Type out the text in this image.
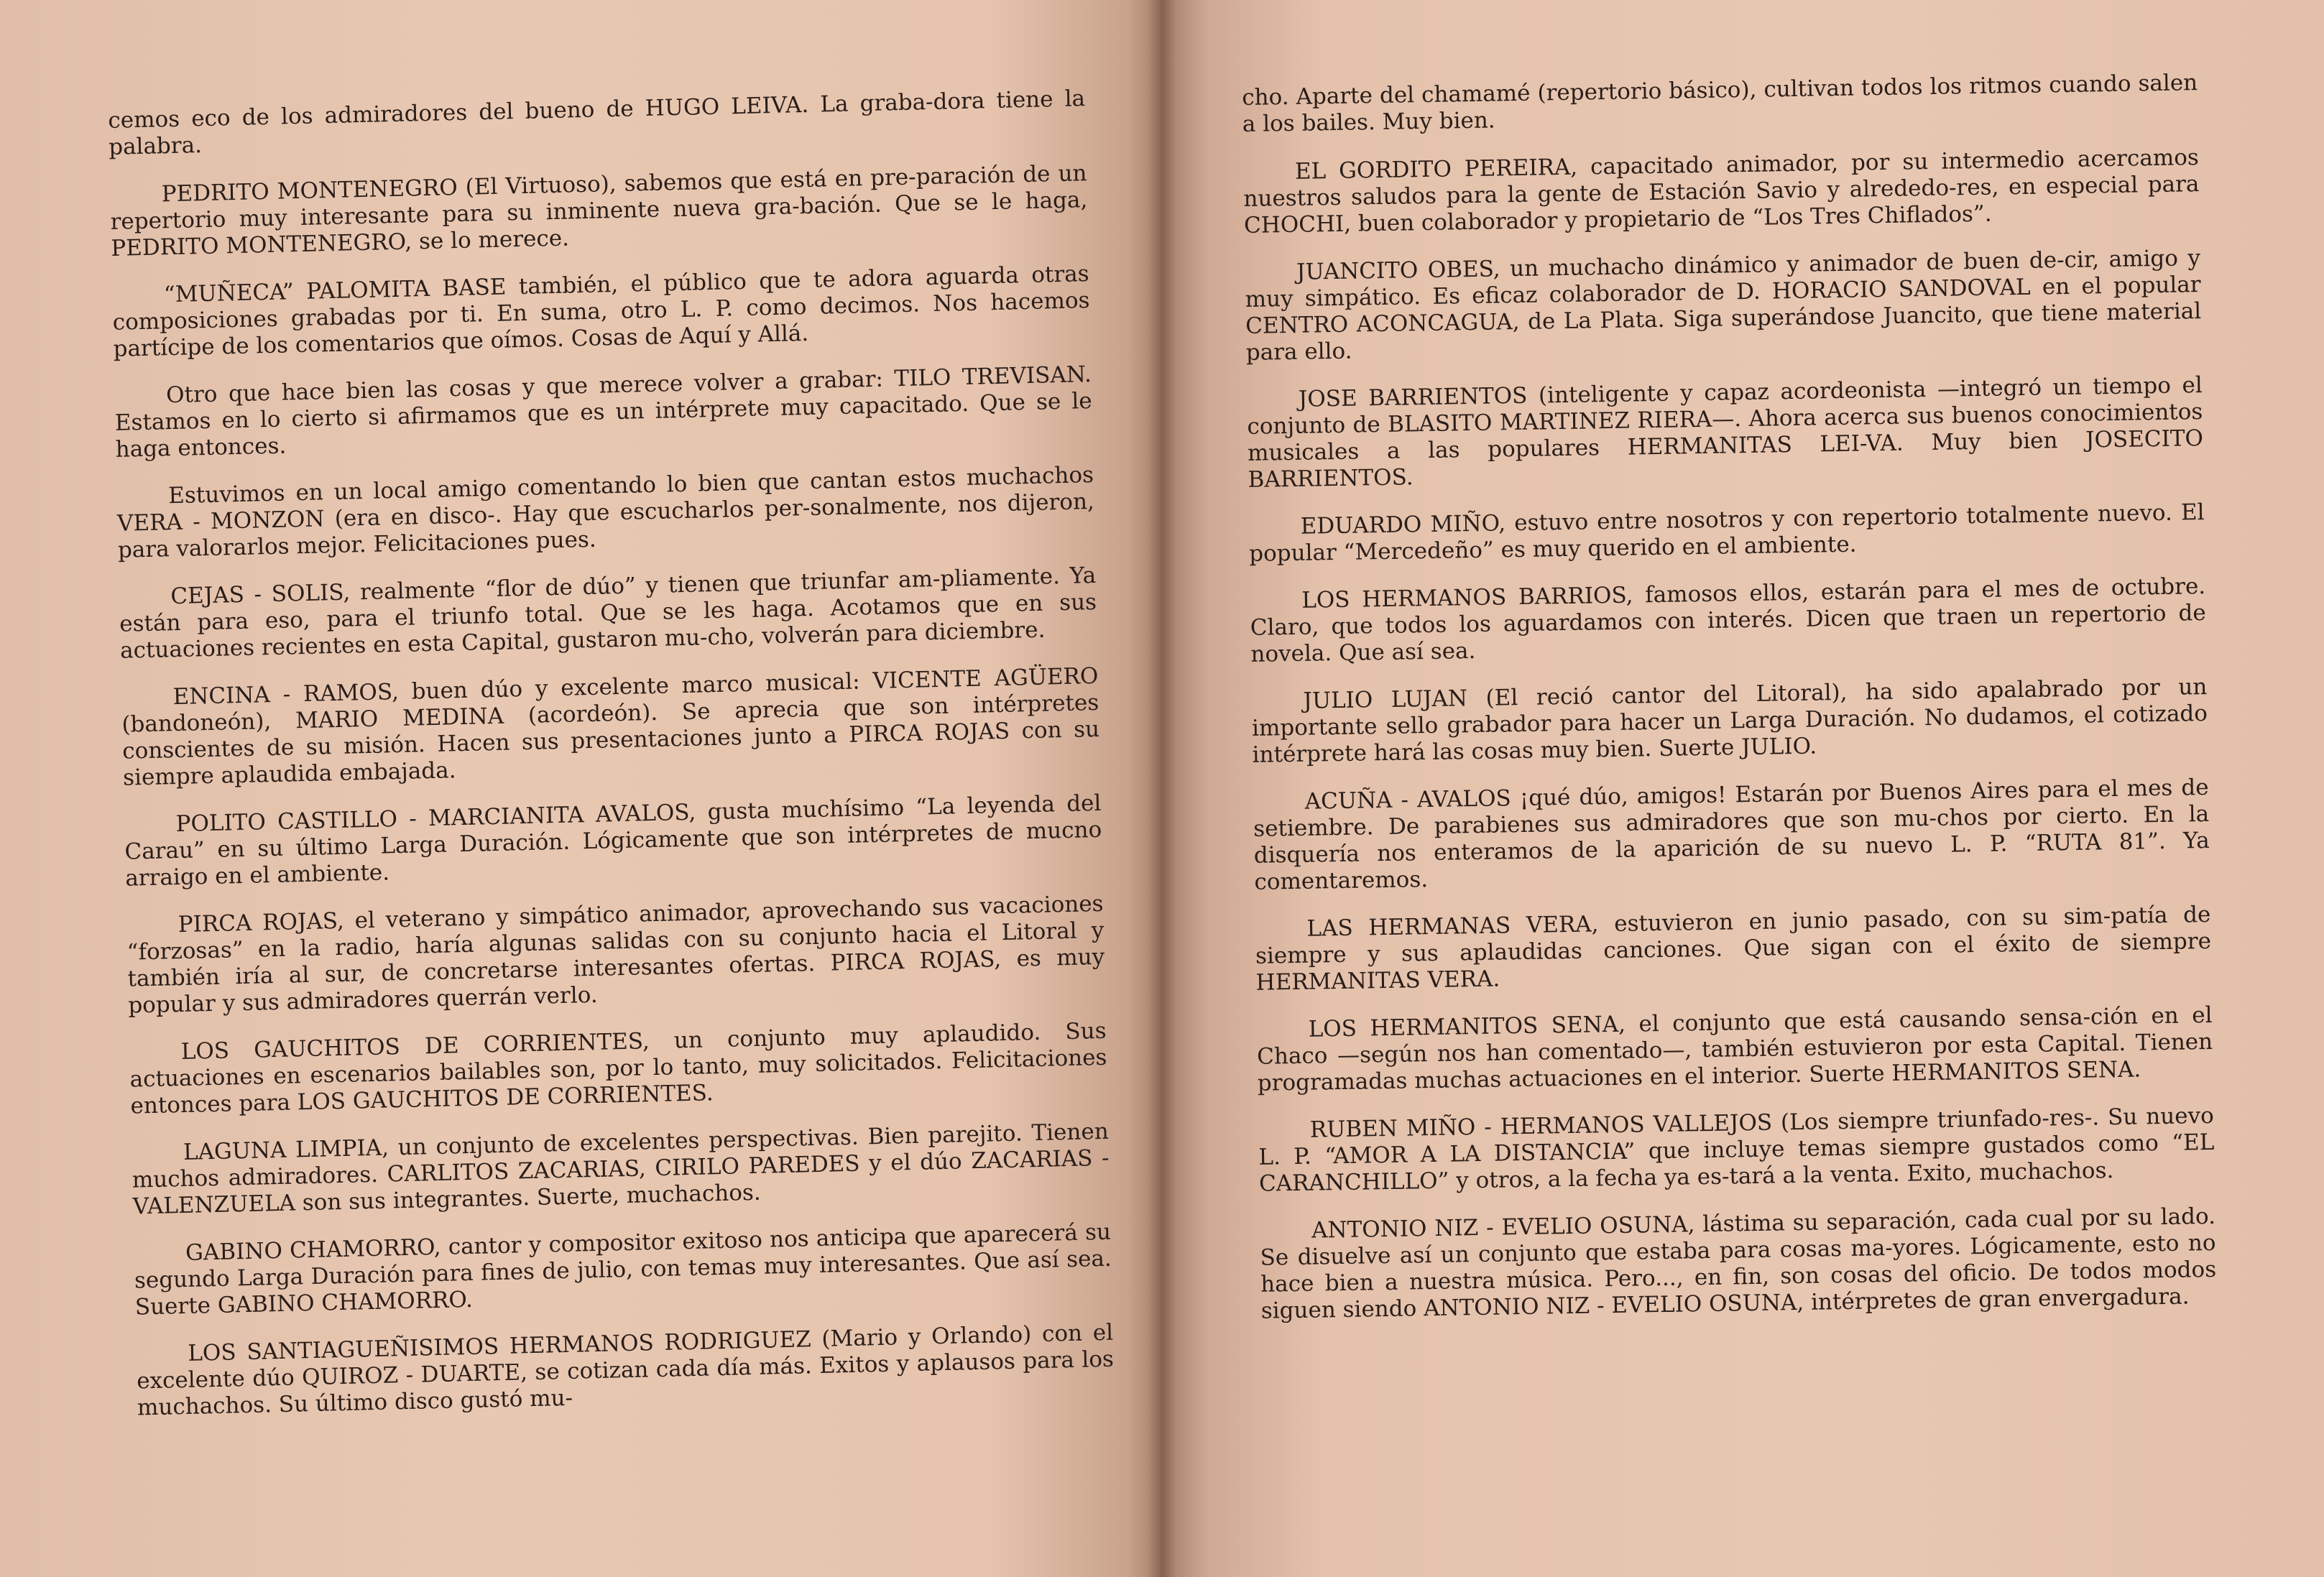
cemos eco de los admiradores del bueno de HUGO LEIVA. La graba-dora tiene la palabra.

PEDRITO MONTENEGRO (El Virtuoso), sabemos que está en pre-paración de un repertorio muy interesante para su inminente nueva gra-bación. Que se le haga, PEDRITO MONTENEGRO, se lo merece.

“MUÑECA” PALOMITA BASE también, el público que te adora aguarda otras composiciones grabadas por ti. En suma, otro L. P. como decimos. Nos hacemos partícipe de los comentarios que oímos. Cosas de Aquí y Allá.

Otro que hace bien las cosas y que merece volver a grabar: TILO TREVISAN. Estamos en lo cierto si afirmamos que es un intérprete muy capacitado. Que se le haga entonces.

Estuvimos en un local amigo comentando lo bien que cantan estos muchachos VERA - MONZON (era en disco-. Hay que escucharlos per-sonalmente, nos dijeron, para valorarlos mejor. Felicitaciones pues.

CEJAS - SOLIS, realmente “flor de dúo” y tienen que triunfar am-pliamente. Ya están para eso, para el triunfo total. Que se les haga. Acotamos que en sus actuaciones recientes en esta Capital, gustaron mu-cho, volverán para diciembre.

ENCINA - RAMOS, buen dúo y excelente marco musical: VICENTE AGÜERO (bandoneón), MARIO MEDINA (acordeón). Se aprecia que son intérpretes conscientes de su misión. Hacen sus presentaciones junto a PIRCA ROJAS con su siempre aplaudida embajada.

POLITO CASTILLO - MARCIANITA AVALOS, gusta muchísimo “La leyenda del Carau” en su último Larga Duración. Lógicamente que son intérpretes de mucno arraigo en el ambiente.

PIRCA ROJAS, el veterano y simpático animador, aprovechando sus vacaciones “forzosas” en la radio, haría algunas salidas con su conjunto hacia el Litoral y también iría al sur, de concretarse interesantes ofertas. PIRCA ROJAS, es muy popular y sus admiradores querrán verlo.

LOS GAUCHITOS DE CORRIENTES, un conjunto muy aplaudido. Sus actuaciones en escenarios bailables son, por lo tanto, muy solicitados. Felicitaciones entonces para LOS GAUCHITOS DE CORRIENTES.

LAGUNA LIMPIA, un conjunto de excelentes perspectivas. Bien parejito. Tienen muchos admiradores. CARLITOS ZACARIAS, CIRILO PAREDES y el dúo ZACARIAS - VALENZUELA son sus integrantes. Suerte, muchachos.

GABINO CHAMORRO, cantor y compositor exitoso nos anticipa que aparecerá su segundo Larga Duración para fines de julio, con temas muy interesantes. Que así sea. Suerte GABINO CHAMORRO.

LOS SANTIAGUEÑISIMOS HERMANOS RODRIGUEZ (Mario y Orlando) con el excelente dúo QUIROZ - DUARTE, se cotizan cada día más. Exitos y aplausos para los muchachos. Su último disco gustó mu-

cho. Aparte del chamamé (repertorio básico), cultivan todos los ritmos cuando salen a los bailes. Muy bien.

EL GORDITO PEREIRA, capacitado animador, por su intermedio acercamos nuestros saludos para la gente de Estación Savio y alrededo-res, en especial para CHOCHI, buen colaborador y propietario de “Los Tres Chiflados”.

JUANCITO OBES, un muchacho dinámico y animador de buen de-cir, amigo y muy simpático. Es eficaz colaborador de D. HORACIO SANDOVAL en el popular CENTRO ACONCAGUA, de La Plata. Siga superándose Juancito, que tiene material para ello.

JOSE BARRIENTOS (inteligente y capaz acordeonista —integró un tiempo el conjunto de BLASITO MARTINEZ RIERA—. Ahora acerca sus buenos conocimientos musicales a las populares HERMANITAS LEI-VA. Muy bien JOSECITO BARRIENTOS.

EDUARDO MIÑO, estuvo entre nosotros y con repertorio totalmente nuevo. El popular “Mercedeño” es muy querido en el ambiente.

LOS HERMANOS BARRIOS, famosos ellos, estarán para el mes de octubre. Claro, que todos los aguardamos con interés. Dicen que traen un repertorio de novela. Que así sea.

JULIO LUJAN (El reció cantor del Litoral), ha sido apalabrado por un importante sello grabador para hacer un Larga Duración. No dudamos, el cotizado intérprete hará las cosas muy bien. Suerte JULIO.

ACUÑA - AVALOS ¡qué dúo, amigos! Estarán por Buenos Aires para el mes de setiembre. De parabienes sus admiradores que son mu-chos por cierto. En la disquería nos enteramos de la aparición de su nuevo L. P. “RUTA 81”. Ya comentaremos.

LAS HERMANAS VERA, estuvieron en junio pasado, con su sim-patía de siempre y sus aplaudidas canciones. Que sigan con el éxito de siempre HERMANITAS VERA.

LOS HERMANITOS SENA, el conjunto que está causando sensa-ción en el Chaco —según nos han comentado—, también estuvieron por esta Capital. Tienen programadas muchas actuaciones en el interior. Suerte HERMANITOS SENA.

RUBEN MIÑO - HERMANOS VALLEJOS (Los siempre triunfado-res-. Su nuevo L. P. “AMOR A LA DISTANCIA” que incluye temas siempre gustados como “EL CARANCHILLO” y otros, a la fecha ya es-tará a la venta. Exito, muchachos.

ANTONIO NIZ - EVELIO OSUNA, lástima su separación, cada cual por su lado. Se disuelve así un conjunto que estaba para cosas ma-yores. Lógicamente, esto no hace bien a nuestra música. Pero..., en fin, son cosas del oficio. De todos modos siguen siendo ANTONIO NIZ - EVELIO OSUNA, intérpretes de gran envergadura.
